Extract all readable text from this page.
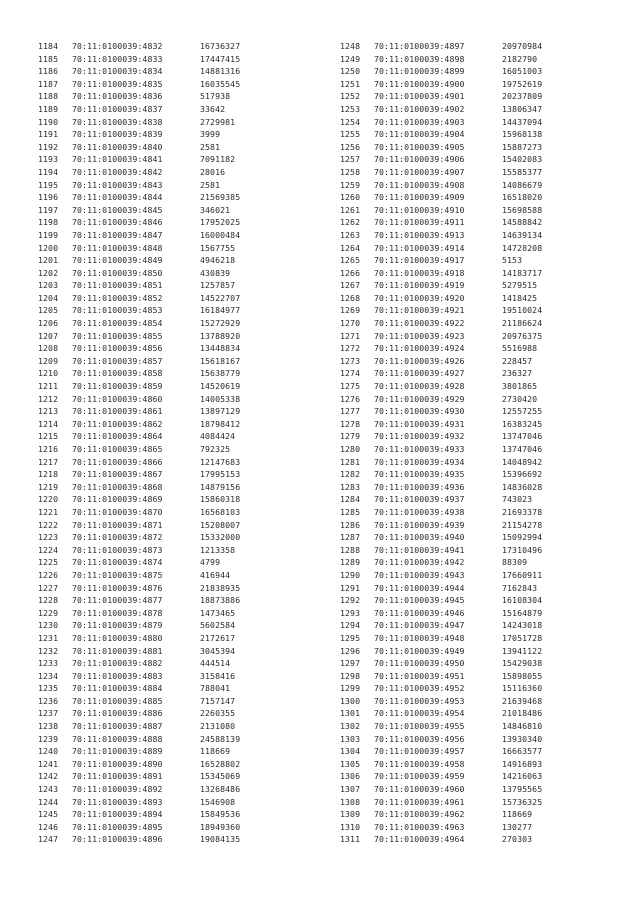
1184 70:11:0100039:4832	16736327
1185 70:11:0100039:4833	17447415
1186 70:11:0100039:4834	14881316
1187 70:11:0100039:4835	16035545
1188 70:11:0100039:4836	517938
1189 70:11:0100039:4837	33642
1190 70:11:0100039:4838	2729981
1191 70:11:0100039:4839	3999
1192 70:11:0100039:4840	2581
1193 70:11:0100039:4841	7091182
1194 70:11:0100039:4842	28016
1195 70:11:0100039:4843	2581
1196 70:11:0100039:4844	21569385
1197 70:11:0100039:4845	346021
1198 70:11:0100039:4846	17952025
1199 70:11:0100039:4847	16000484
1200 70:11:0100039:4848	1567755
1201 70:11:0100039:4849	4946218
1202 70:11:0100039:4850	430839
1203 70:11:0100039:4851	1257857
1204 70:11:0100039:4852	14522707
1205 70:11:0100039:4853	16184977
1206 70:11:0100039:4854	15272929
1207 70:11:0100039:4855	13788920
1208 70:11:0100039:4856	13448834
1209 70:11:0100039:4857	15618167
1210 70:11:0100039:4858	15638779
1211 70:11:0100039:4859	14520619
1212 70:11:0100039:4860	14005338
1213 70:11:0100039:4861	13897129
1214 70:11:0100039:4862	18798412
1215 70:11:0100039:4864	4084424
1216 70:11:0100039:4865	792325
1217 70:11:0100039:4866	12147683
1218 70:11:0100039:4867	17995153
1219 70:11:0100039:4868	14879156
1220 70:11:0100039:4869	15860318
1221 70:11:0100039:4870	16568103
1222 70:11:0100039:4871	15208007
1223 70:11:0100039:4872	15332000
1224 70:11:0100039:4873	1213358
1225 70:11:0100039:4874	4799
1226 70:11:0100039:4875	416944
1227 70:11:0100039:4876	21838935
1228 70:11:0100039:4877	18873886
1229 70:11:0100039:4878	1473465
1230 70:11:0100039:4879	5602584
1231 70:11:0100039:4880	2172617
1232 70:11:0100039:4881	3045394
1233 70:11:0100039:4882	444514
1234 70:11:0100039:4883	3158416
1235 70:11:0100039:4884	788041
1236 70:11:0100039:4885	7157147
1237 70:11:0100039:4886	2260355
1238 70:11:0100039:4887	2131080
1239 70:11:0100039:4888	24588139
1240 70:11:0100039:4889	118669
1241 70:11:0100039:4890	16528802
1242 70:11:0100039:4891	15345069
1243 70:11:0100039:4892	13268486
1244 70:11:0100039:4893	1546908
1245 70:11:0100039:4894	15849536
1246 70:11:0100039:4895	18949360
1247 70:11:0100039:4896	19084135
1248 70:11:0100039:4897	20970984
1249 70:11:0100039:4898	2182790
1250 70:11:0100039:4899	16051003
1251 70:11:0100039:4900	19752619
1252 70:11:0100039:4901	20237809
1253 70:11:0100039:4902	13806347
1254 70:11:0100039:4903	14437094
1255 70:11:0100039:4904	15968138
1256 70:11:0100039:4905	15887273
1257 70:11:0100039:4906	15402083
1258 70:11:0100039:4907	15585377
1259 70:11:0100039:4908	14086679
1260 70:11:0100039:4909	16518020
1261 70:11:0100039:4910	15698588
1262 70:11:0100039:4911	14588842
1263 70:11:0100039:4913	14639134
1264 70:11:0100039:4914	14728208
1265 70:11:0100039:4917	5153
1266 70:11:0100039:4918	14183717
1267 70:11:0100039:4919	5279515
1268 70:11:0100039:4920	1418425
1269 70:11:0100039:4921	19510024
1270 70:11:0100039:4922	21186624
1271 70:11:0100039:4923	20976375
1272 70:11:0100039:4924	5516988
1273 70:11:0100039:4926	228457
1274 70:11:0100039:4927	236327
1275 70:11:0100039:4928	3801865
1276 70:11:0100039:4929	2730420
1277 70:11:0100039:4930	12557255
1278 70:11:0100039:4931	16383245
1279 70:11:0100039:4932	13747046
1280 70:11:0100039:4933	13747046
1281 70:11:0100039:4934	14048942
1282 70:11:0100039:4935	15396692
1283 70:11:0100039:4936	14836028
1284 70:11:0100039:4937	743023
1285 70:11:0100039:4938	21693378
1286 70:11:0100039:4939	21154278
1287 70:11:0100039:4940	15092994
1288 70:11:0100039:4941	17310496
1289 70:11:0100039:4942	88309
1290 70:11:0100039:4943	17660911
1291 70:11:0100039:4944	7162843
1292 70:11:0100039:4945	16108304
1293 70:11:0100039:4946	15164879
1294 70:11:0100039:4947	14243018
1295 70:11:0100039:4948	17051728
1296 70:11:0100039:4949	13941122
1297 70:11:0100039:4950	15429038
1298 70:11:0100039:4951	15898055
1299 70:11:0100039:4952	15116360
1300 70:11:0100039:4953	21639468
1301 70:11:0100039:4954	21018486
1302 70:11:0100039:4955	14846810
1303 70:11:0100039:4956	13930340
1304 70:11:0100039:4957	16663577
1305 70:11:0100039:4958	14916893
1306 70:11:0100039:4959	14216063
1307 70:11:0100039:4960	13795565
1308 70:11:0100039:4961	15736325
1309 70:11:0100039:4962	118669
1310 70:11:0100039:4963	130277
1311 70:11:0100039:4964	270303
